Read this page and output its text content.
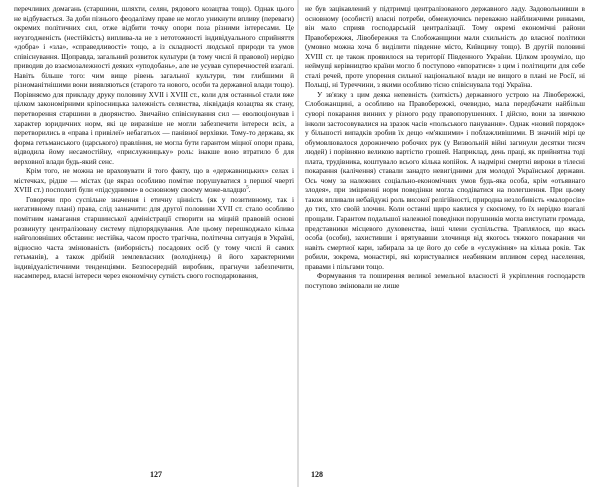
перечливих домагань (старшини, шляхти, селян, рядового козацтва тощо). Однак цього не відбувається. За доби пізнього феодалізму праве не могло уникнути впливу (переваги) окремих політичних сил, отже відбити точку опори поза різними інтересами. Це неузгодженість (нестійкість) виплива-ла не з нетотожності індивідуального сприйняття «добра» і «зла», «справедливості» тощо, а із складності людської природи та умов співіснування. Щоправда, загальний розвиток культури (в тому числі й правової) нерідко приводив до взаємозалежності деяких «уподобань», але не усував суперечностей взагалі. Навіть більше того: чим вище рівень загальної культури, тим глибшими й різноманітнішими вони виявляються (старого та нового, особи та державної влади тощо). Порівняємо для прикладу друку половину XVII і XVIII ст., коли для останньої стали вже цілком закономірними кріпосницька залежність селянства, ліквідація козацтва як стану, перетворення старшини в дворянство. Звичайно співіснування сил — еволюціонував і характер юридичних норм, які це виразніше не могли забезпечити інтереси всіх, а перетворились в «права і привілеї» небагатьох — панівної верхівки. Тому-то держава, як форма гетьманського (царського) правління, не могла бути гарантом міцної опори права, відводила йому несамостійну, «прислужницьку» роль: інакше воно втратило б для верховної влади будь-який сенс.

Крім того, не можна не враховувати й того факту, що в «державницьких» селах і містечках, рідше — містах (це якраз особливо помітне порушуватися з першої чверті XVIII ст.) посполиті були «підсудними» в основному своєму може-владцю$^5$.

Говорячи про суспільне значення і етичну цінність (як у позитивному, так і негативному плані) права, слід зазначити: для другої половини XVII ст. стало особливо помітним намагання старшинської адміністрації створити на міцній правовій основі розвинуту централізовану систему підпорядкування. Але цьому перешкоджало кілька найголовніших обставин: нестійка, часом просто трагічна, політична ситуація в Україні, відносно часта змінюваність (виборність) посадових осіб (у тому числі й самих гетьманів), а також дрібній землевласних (володінець) й його характерними індивідуалістичними тенденціями. Безпосередній виробник, прагнучи забезпечити, насамперед, власні інтереси через економічну сутність свого господарювання,

не був зацікавлений у підтримці централізованого державного ладу. Задовольнивши в основному (особисті) власні потреби, обмежуючись переважно найближчими ринками, він мало сприяв господарській централізації. Тому окремі економічні райони Правобережжя, Лівобережжя та Слобожанщини мали схильність до власної політики (умовно можна хоча б виділити південне місто, Київщину тощо). В другій половині XVIII ст. це також проявилося на території Південного України. Цілком зрозуміло, що неймущі керівництво країни могло б поступово «впоратися» з цим і політицити для себе сталі речей, проте упорення сильної національної влади не вищого в плані не Росії, ні Польщі, ні Туреччини, з якими особливо тісно співіснувала тоді Україна.

У зв'язку з цим деяка непевність (хиткість) державного устрою на Лівобережжі, Слобожанщині, а особливо на Правобережжі, очевидно, мала передбачати найбільш суворі покарання винних у різного роду правопорушеннях. І дійсно, вони за звичкою інколи застосовувалися на зразок часів «польського панування». Однак «новий порядок» у більшості випадків зробив їх дещо «м'якшими» і поблажливішими. В значній мірі це обумовлювалося дорожнечею робочих рук (у Визвольній війні загинули десятки тисяч людей) і порівняно великою вартістю грошей. Наприклад, день праці, як прийнятна тоді плата, трудівника, коштувало всього кілька копійок. А надмірні смертні вироки в тілесні покарання (калічення) ставали занадто невигідними для молодої Української держави. Ось чому за належних соціально-економічних умов будь-яка особа, крім «отьявнаго злодея», при зміцненні норм поведінки могла сподіватися на полегшення. При цьому також впливали небайдужі роль високої релігійності, природна незлобивість «малоросів» до тих, хто своїй злочин. Коли останні щиро каялися у скоєному, то їх нерідко взагалі прощали. Гарантом подальшої належної поведінки порушників могла виступати громада, представники місцевого духовенства, інші члени суспільства. Траплялося, що якась особа (особи), захистивши і врятувавши злочинця від якогось тяжкого покарання чи навіть смертної кари, забирала за це його до себе в «услужіння» на кілька років. Так робили, зокрема, монастирі, які користувалися неабияким впливом серед населення, правами і пільгами тощо.

Формування та поширення великої земельної власності й укріплення господарств поступово змінювали не лише

127	128
